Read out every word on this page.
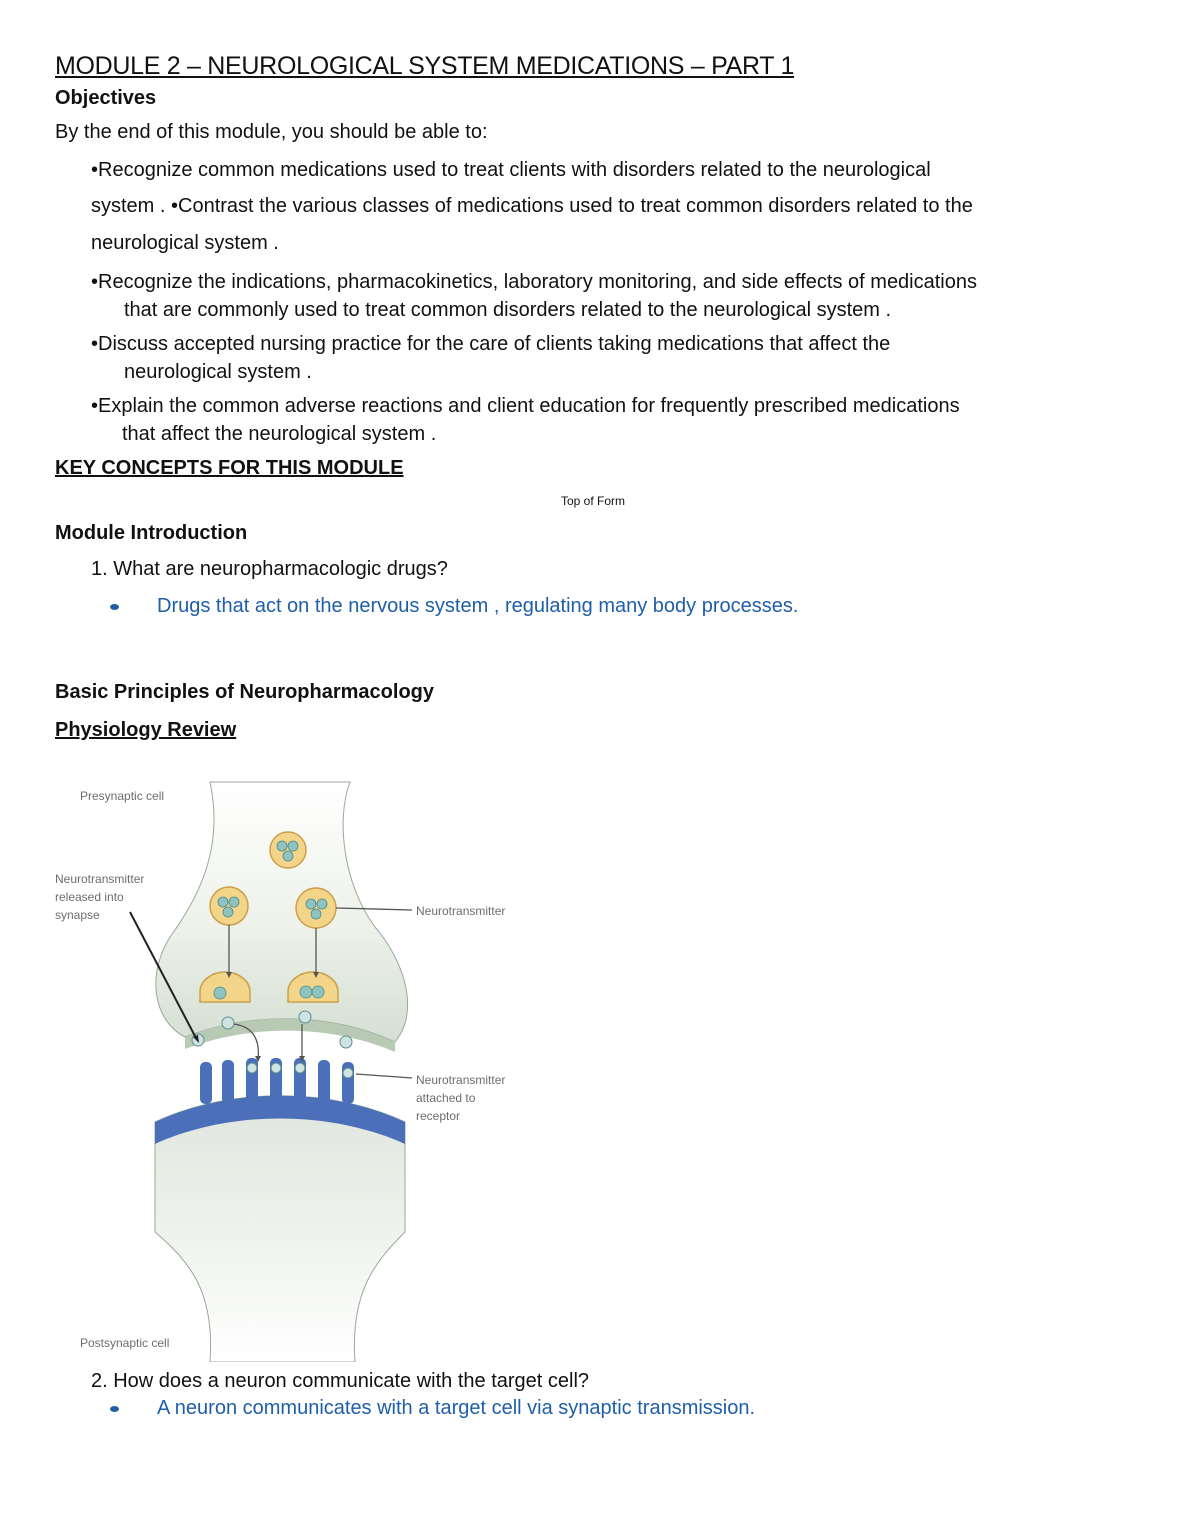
MODULE 2 – NEUROLOGICAL SYSTEM MEDICATIONS – PART 1
Objectives
By the end of this module, you should be able to:
•Recognize common medications used to treat clients with disorders related to the neurological
system . •Contrast the various classes of medications used to treat common disorders related to the
neurological system .
•Recognize the indications, pharmacokinetics, laboratory monitoring, and side effects of medications
that are commonly used to treat common disorders related to the neurological system .
•Discuss accepted nursing practice for the care of clients taking medications that affect the
neurological system .
•Explain the common adverse reactions and client education for frequently prescribed medications
that affect the neurological system .
KEY CONCEPTS FOR THIS MODULE
Top of Form
Module Introduction
1. What are neuropharmacologic drugs?
Drugs that act on the nervous system , regulating many body processes.
Basic Principles of Neuropharmacology
Physiology Review
Presynaptic cell
Neurotransmitter
released into
synapse	Neurotransmitter
Neurotransmitter
attached to
receptor
Postsynaptic cell
2. How does a neuron communicate with the target cell?
A neuron communicates with a target cell via synaptic transmission.
